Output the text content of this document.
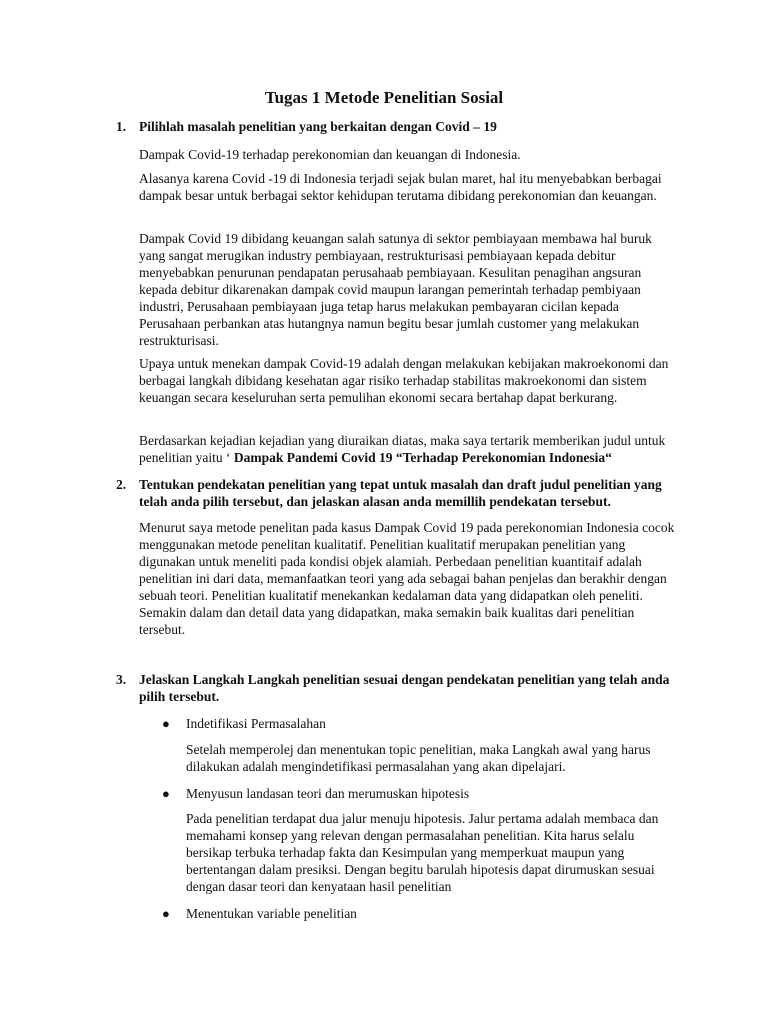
Tugas 1 Metode Penelitian Sosial
1. Pilihlah masalah penelitian yang berkaitan dengan Covid – 19
Dampak Covid-19 terhadap perekonomian dan keuangan di Indonesia.
Alasanya karena Covid -19 di Indonesia terjadi sejak bulan maret, hal itu menyebabkan berbagai dampak besar untuk berbagai sektor kehidupan terutama dibidang perekonomian dan keuangan.
Dampak Covid 19 dibidang keuangan salah satunya di sektor pembiayaan membawa hal buruk yang sangat merugikan industry pembiayaan, restrukturisasi pembiayaan kepada debitur menyebabkan penurunan pendapatan perusahaab pembiayaan. Kesulitan penagihan angsuran kepada debitur dikarenakan dampak covid maupun larangan pemerintah terhadap pembiyaan industri, Perusahaan pembiayaan juga tetap harus melakukan pembayaran cicilan kepada Perusahaan perbankan atas hutangnya namun begitu besar jumlah customer yang melakukan restrukturisasi.
Upaya untuk menekan dampak Covid-19 adalah dengan melakukan kebijakan makroekonomi dan berbagai langkah dibidang kesehatan agar risiko terhadap stabilitas makroekonomi dan sistem keuangan secara keseluruhan serta pemulihan ekonomi secara bertahap dapat berkurang.
Berdasarkan kejadian kejadian yang diuraikan diatas, maka saya tertarik memberikan judul untuk penelitian yaitu ‘ Dampak Pandemi Covid 19 “Terhadap Perekonomian Indonesia“
2. Tentukan pendekatan penelitian yang tepat untuk masalah dan draft judul penelitian yang telah anda pilih tersebut, dan jelaskan alasan anda memillih pendekatan tersebut.
Menurut saya metode penelitan pada kasus Dampak Covid 19 pada perekonomian Indonesia cocok menggunakan metode penelitan kualitatif. Penelitian kualitatif merupakan penelitian yang digunakan untuk meneliti pada kondisi objek alamiah. Perbedaan penelitian kuantitaif adalah penelitian ini dari data, memanfaatkan teori yang ada sebagai bahan penjelas dan berakhir dengan sebuah teori. Penelitian kualitatif menekankan kedalaman data yang didapatkan oleh peneliti. Semakin dalam dan detail data yang didapatkan, maka semakin baik kualitas dari penelitian tersebut.
3. Jelaskan Langkah Langkah penelitian sesuai dengan pendekatan penelitian yang telah anda pilih tersebut.
● Indetifikasi Permasalahan
Setelah memperolej dan menentukan topic penelitian, maka Langkah awal yang harus dilakukan adalah mengindetifikasi permasalahan yang akan dipelajari.
● Menyusun landasan teori dan merumuskan hipotesis
Pada penelitian terdapat dua jalur menuju hipotesis. Jalur pertama adalah membaca dan memahami konsep yang relevan dengan permasalahan penelitian. Kita harus selalu bersikap terbuka terhadap fakta dan Kesimpulan yang memperkuat maupun yang bertentangan dalam presiksi. Dengan begitu barulah hipotesis dapat dirumuskan sesuai dengan dasar teori dan kenyataan hasil penelitian
● Menentukan variable penelitian
